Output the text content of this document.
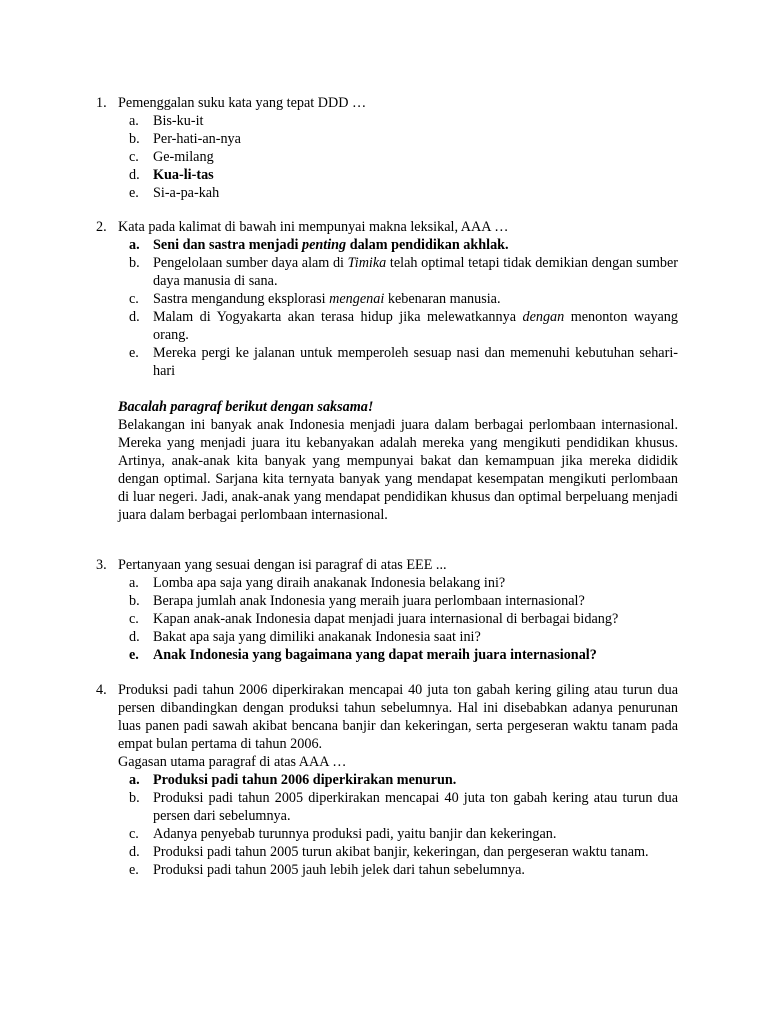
1. Pemenggalan suku kata yang tepat DDD …
a. Bis-ku-it
b. Per-hati-an-nya
c. Ge-milang
d. Kua-li-tas
e. Si-a-pa-kah
2. Kata pada kalimat di bawah ini mempunyai makna leksikal, AAA …
a. Seni dan sastra menjadi penting dalam pendidikan akhlak.
b. Pengelolaan sumber daya alam di Timika telah optimal tetapi tidak demikian dengan sumber daya manusia di sana.
c. Sastra mengandung eksplorasi mengenai kebenaran manusia.
d. Malam di Yogyakarta akan terasa hidup jika melewatkannya dengan menonton wayang orang.
e. Mereka pergi ke jalanan untuk memperoleh sesuap nasi dan memenuhi kebutuhan sehari-hari
Bacalah paragraf berikut dengan saksama!
Belakangan ini banyak anak Indonesia menjadi juara dalam berbagai perlombaan internasional. Mereka yang menjadi juara itu kebanyakan adalah mereka yang mengikuti pendidikan khusus. Artinya, anak-anak kita banyak yang mempunyai bakat dan kemampuan jika mereka dididik dengan optimal. Sarjana kita ternyata banyak yang mendapat kesempatan mengikuti perlombaan di luar negeri. Jadi, anak-anak yang mendapat pendidikan khusus dan optimal berpeluang menjadi juara dalam berbagai perlombaan internasional.
3. Pertanyaan yang sesuai dengan isi paragraf di atas EEE ...
a. Lomba apa saja yang diraih anakanak Indonesia belakang ini?
b. Berapa jumlah anak Indonesia yang meraih juara perlombaan internasional?
c. Kapan anak-anak Indonesia dapat menjadi juara internasional di berbagai bidang?
d. Bakat apa saja yang dimiliki anakanak Indonesia saat ini?
e. Anak Indonesia yang bagaimana yang dapat meraih juara internasional?
4. Produksi padi tahun 2006 diperkirakan mencapai 40 juta ton gabah kering giling atau turun dua persen dibandingkan dengan produksi tahun sebelumnya. Hal ini disebabkan adanya penurunan luas panen padi sawah akibat bencana banjir dan kekeringan, serta pergeseran waktu tanam pada empat bulan pertama di tahun 2006.
Gagasan utama paragraf di atas AAA …
a. Produksi padi tahun 2006 diperkirakan menurun.
b. Produksi padi tahun 2005 diperkirakan mencapai 40 juta ton gabah kering atau turun dua persen dari sebelumnya.
c. Adanya penyebab turunnya produksi padi, yaitu banjir dan kekeringan.
d. Produksi padi tahun 2005 turun akibat banjir, kekeringan, dan pergeseran waktu tanam.
e. Produksi padi tahun 2005 jauh lebih jelek dari tahun sebelumnya.
